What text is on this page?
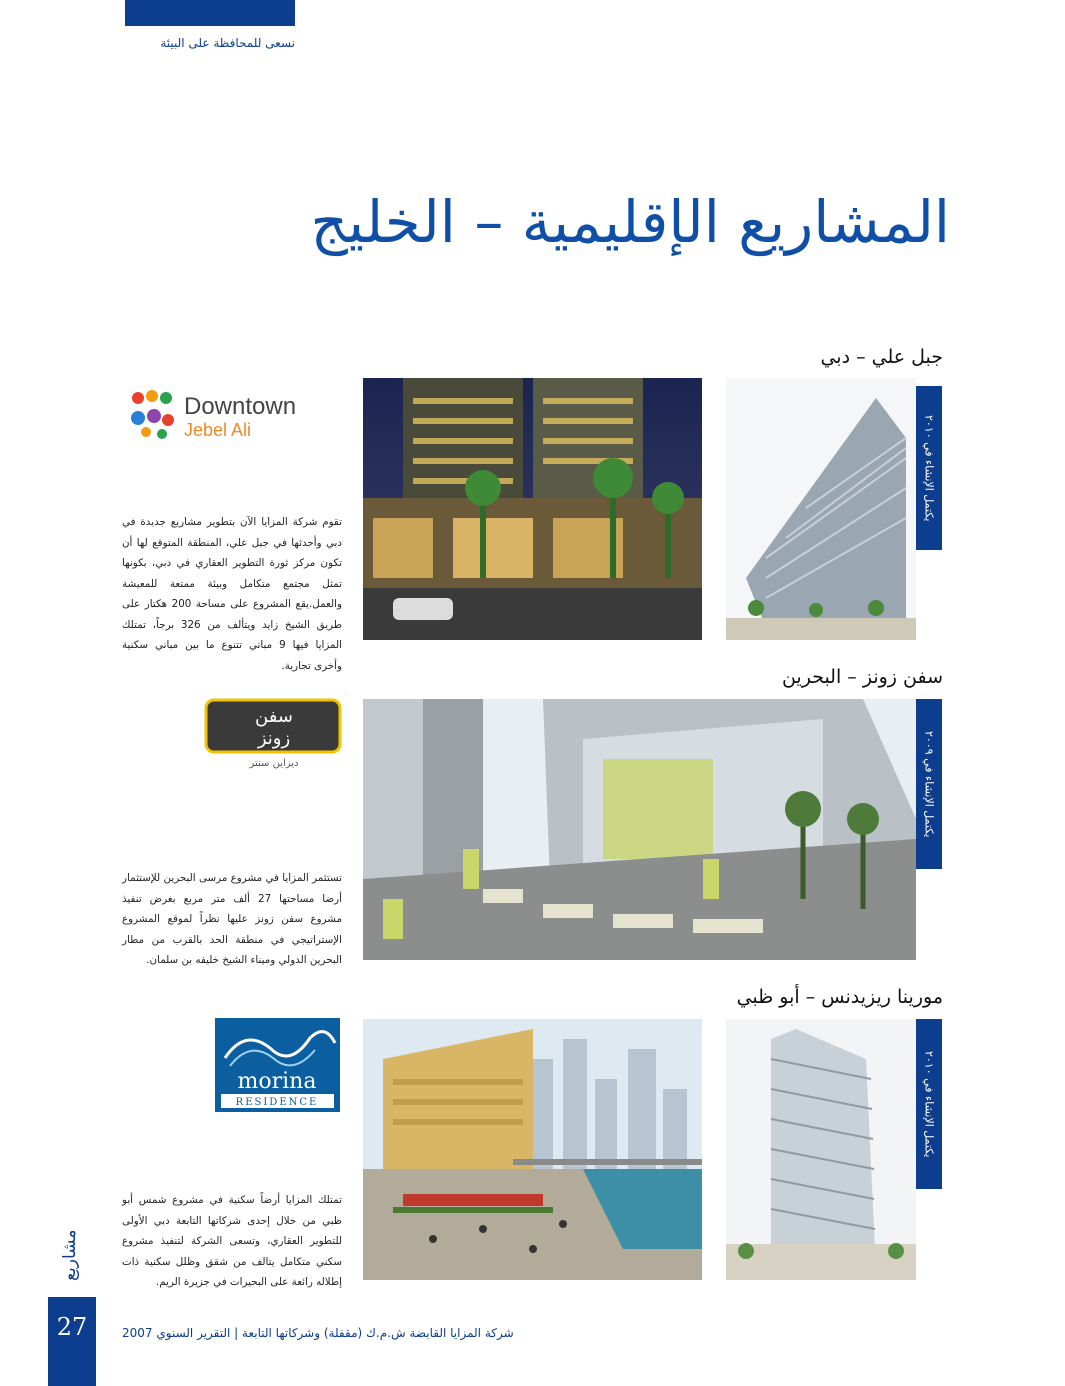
نسعى للمحافظة على البيئة
المشاريع الإقليمية – الخليج
جبل علي – دبي
Downtown
Jebel Ali
تقوم شركة المزايا الآن بتطوير مشاريع جديدة في دبي وأحدثها في جبل علي، المنطقة المتوقع لها أن تكون مركز ثورة التطوير العقاري في دبي، بكونها تمثل مجتمع متكامل وبيئة ممتعة للمعيشة والعمل.يقع المشروع على مساحة 200 هكتار على طريق الشيخ زايد ويتألف من 326 برجاً، تمتلك المزايا فيها 9 مباني تتنوع ما بين مباني سكنية وأخرى تجارية.
يكتمل الإنشاء في ٢٠١٠
سفن زونز – البحرين
سفن
زونز
ديزاين سنتر
تستثمر المزايا في مشروع مرسى البحرين للإستثمار أرضا مساحتها 27 ألف متر مربع بغرض تنفيذ مشروع سفن زونز عليها نظراً لموقع المشروع الإستراتيجي في منطقة الحد بالقرب من مطار البحرين الدولي وميناء الشيخ خليفه بن سلمان.
يكتمل الإنشاء في ٢٠٠٩
مورينا ريزيدنس – أبو ظبي
morina
RESIDENCE
تمتلك المزايا أرضاً سكنية في مشروع شمس أبو ظبي من خلال إحدى شركاتها التابعة دبي الأولى للتطوير العقاري، وتسعى الشركة لتنفيذ مشروع سكني متكامل يتالف من شقق وظلل سكنية ذات إطلاله رائعة على البحيرات في جزيرة الريم.
يكتمل الإنشاء في ٢٠١٠
مشاريع
27	شركة المزايا القابضة ش.م.ك (مقفلة) وشركاتها التابعة | التقرير السنوي 2007
